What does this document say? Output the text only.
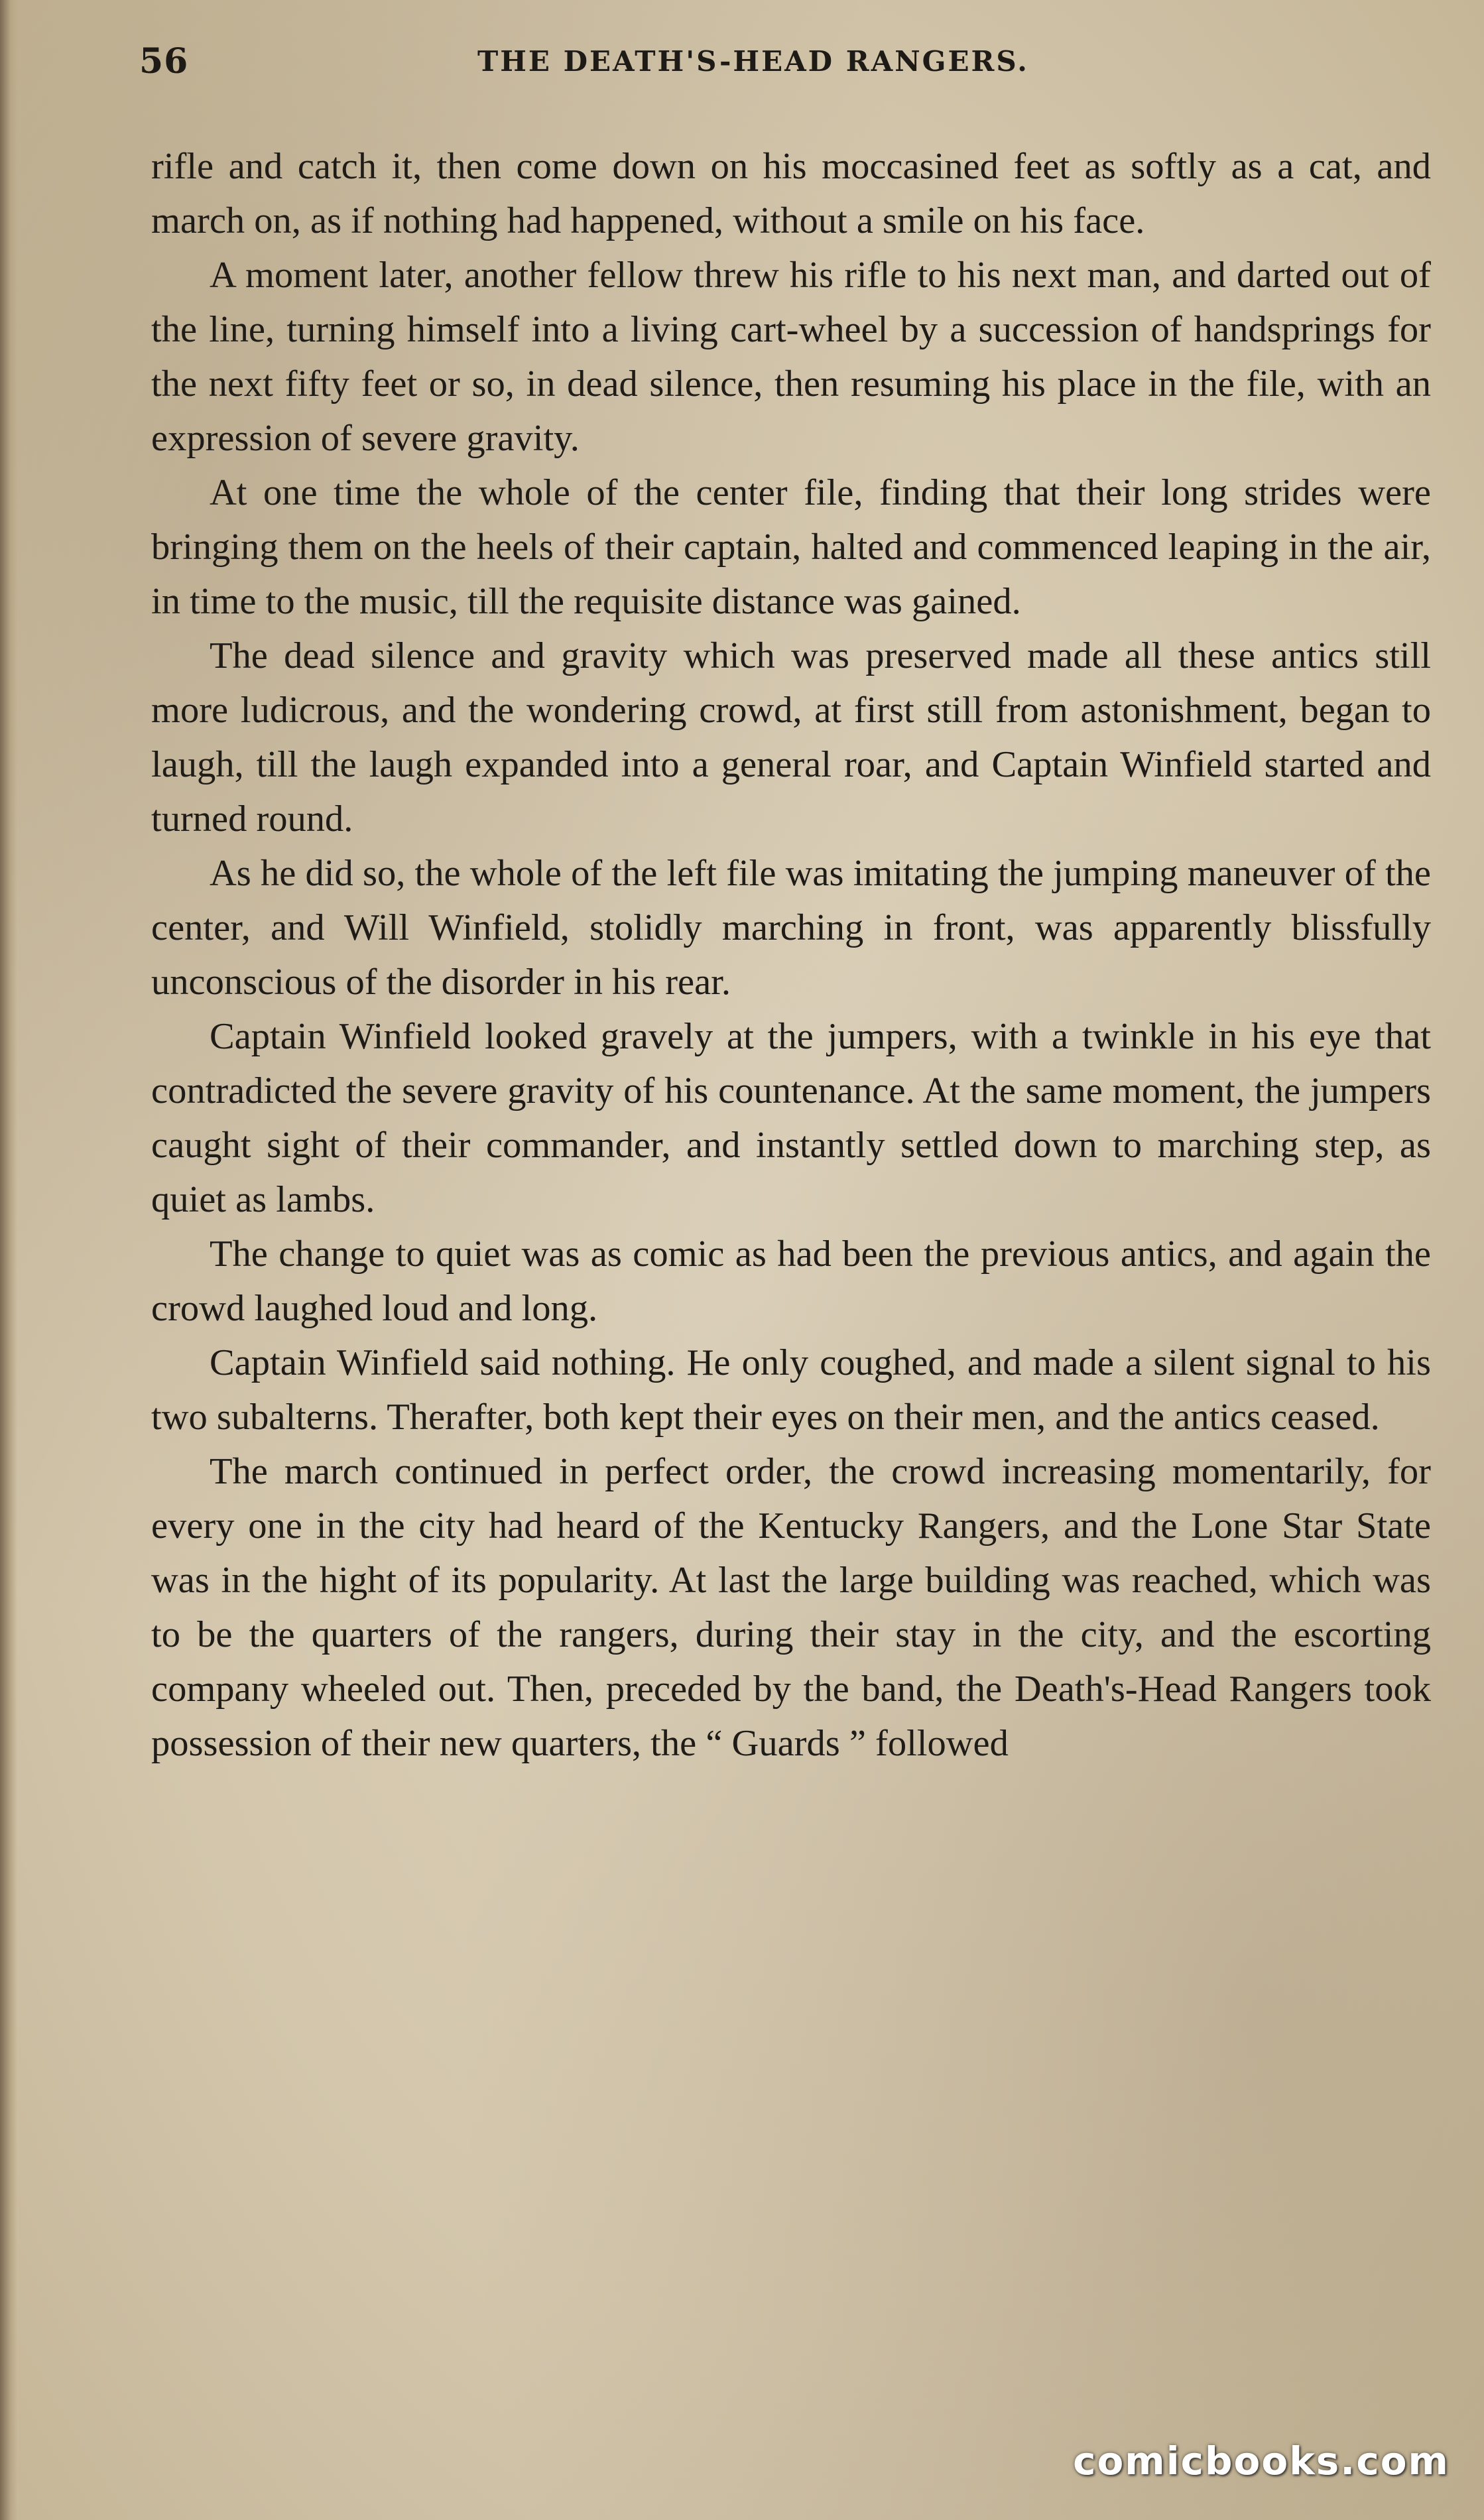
56	THE DEATH'S-HEAD RANGERS.

rifle and catch it, then come down on his moccasined feet as softly as a cat, and march on, as if nothing had happened, without a smile on his face.

A moment later, another fellow threw his rifle to his next man, and darted out of the line, turning himself into a living cart-wheel by a succession of handsprings for the next fifty feet or so, in dead silence, then resuming his place in the file, with an expression of severe gravity.

At one time the whole of the center file, finding that their long strides were bringing them on the heels of their captain, halted and commenced leaping in the air, in time to the music, till the requisite distance was gained.

The dead silence and gravity which was preserved made all these antics still more ludicrous, and the wondering crowd, at first still from astonishment, began to laugh, till the laugh expanded into a general roar, and Captain Winfield started and turned round.

As he did so, the whole of the left file was imitating the jumping maneuver of the center, and Will Winfield, stolidly marching in front, was apparently blissfully unconscious of the disorder in his rear.

Captain Winfield looked gravely at the jumpers, with a twinkle in his eye that contradicted the severe gravity of his countenance. At the same moment, the jumpers caught sight of their commander, and instantly settled down to marching step, as quiet as lambs.

The change to quiet was as comic as had been the previous antics, and again the crowd laughed loud and long.

Captain Winfield said nothing. He only coughed, and made a silent signal to his two subalterns. Therafter, both kept their eyes on their men, and the antics ceased.

The march continued in perfect order, the crowd increasing momentarily, for every one in the city had heard of the Kentucky Rangers, and the Lone Star State was in the hight of its popularity. At last the large building was reached, which was to be the quarters of the rangers, during their stay in the city, and the escorting company wheeled out. Then, preceded by the band, the Death's-Head Rangers took possession of their new quarters, the “ Guards ” followed

comicbooks.com
